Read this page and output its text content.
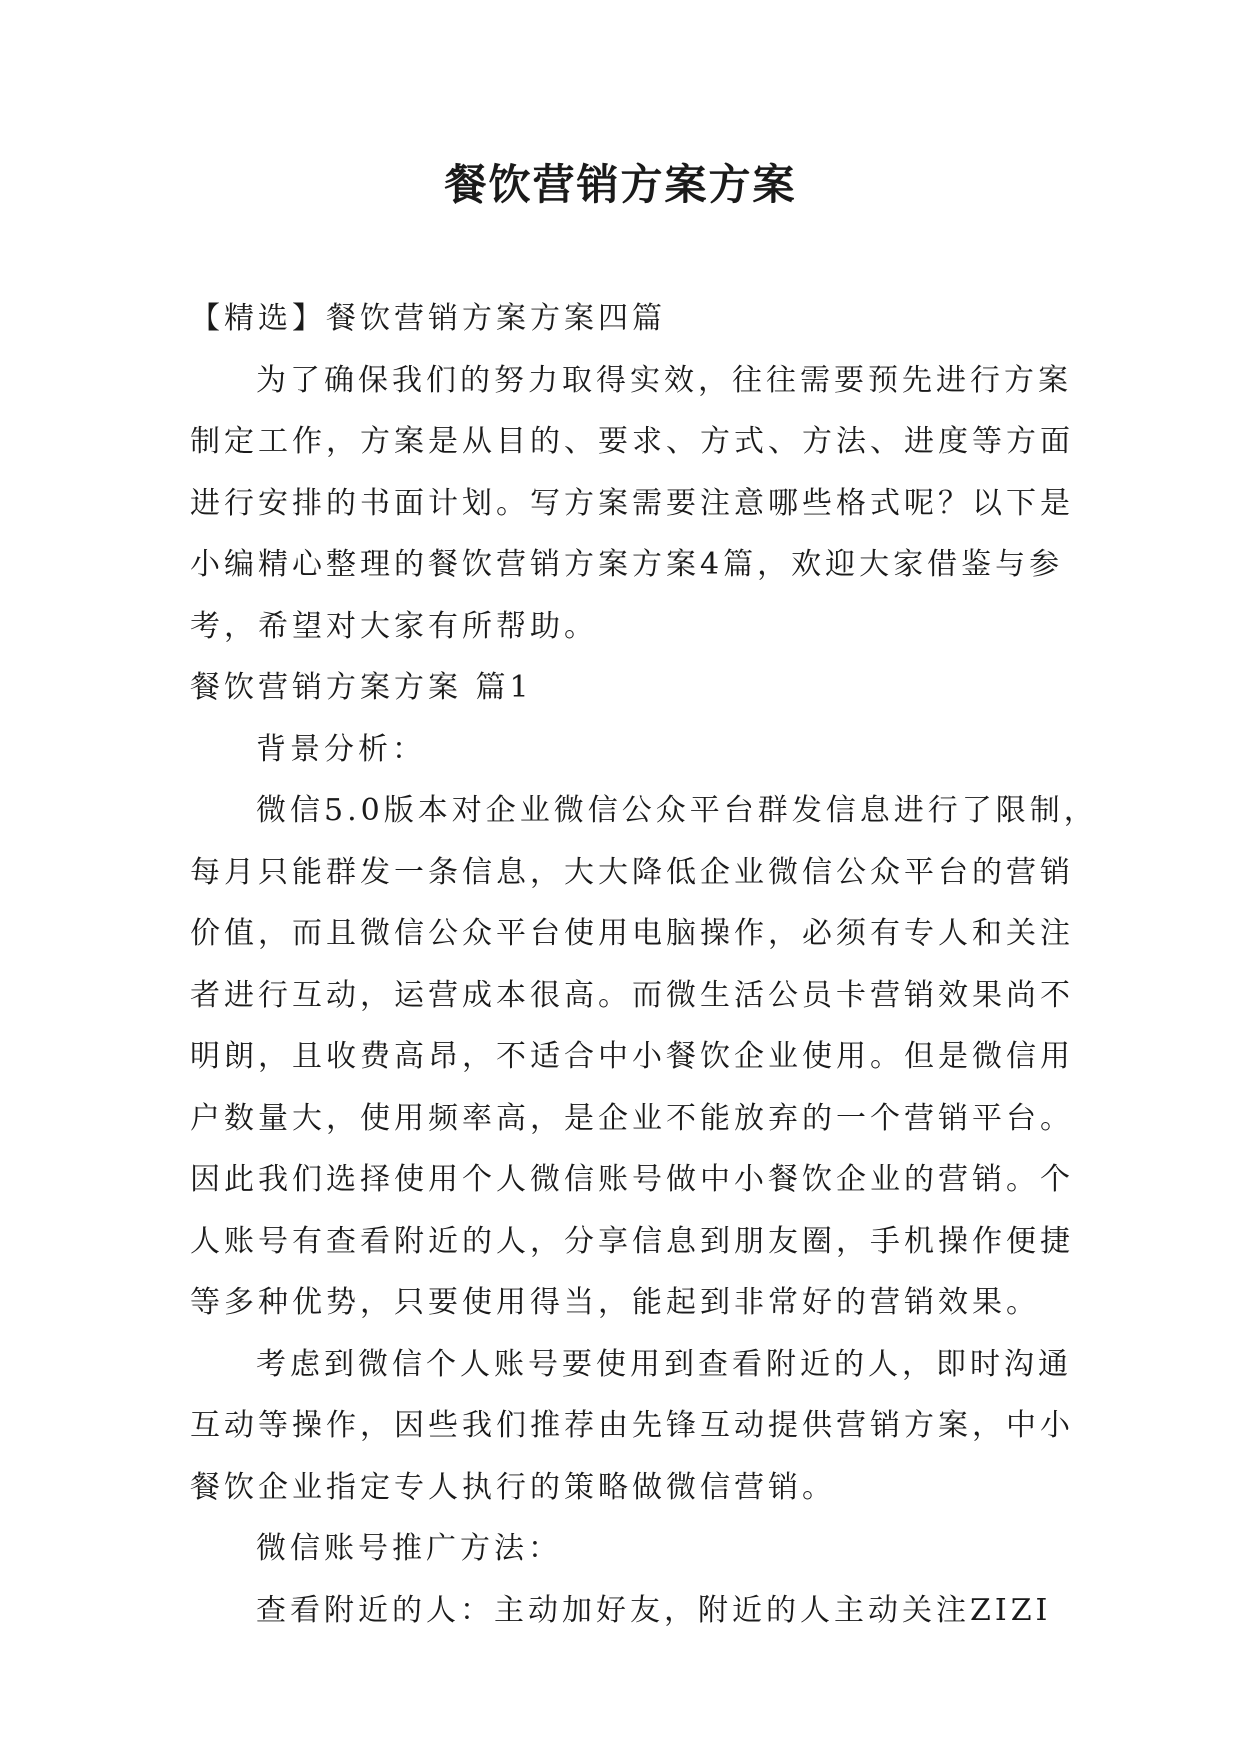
餐饮营销方案方案

【精选】餐饮营销方案方案四篇

为了确保我们的努力取得实效，往往需要预先进行方案

制定工作，方案是从目的、要求、方式、方法、进度等方面

进行安排的书面计划。写方案需要注意哪些格式呢？以下是

小编精心整理的餐饮营销方案方案4篇，欢迎大家借鉴与参

考，希望对大家有所帮助。

餐饮营销方案方案 篇1

背景分析：

微信5.0版本对企业微信公众平台群发信息进行了限制，

每月只能群发一条信息，大大降低企业微信公众平台的营销

价值，而且微信公众平台使用电脑操作，必须有专人和关注

者进行互动，运营成本很高。而微生活公员卡营销效果尚不

明朗，且收费高昂，不适合中小餐饮企业使用。但是微信用

户数量大，使用频率高，是企业不能放弃的一个营销平台。

因此我们选择使用个人微信账号做中小餐饮企业的营销。个

人账号有查看附近的人，分享信息到朋友圈，手机操作便捷

等多种优势，只要使用得当，能起到非常好的营销效果。

考虑到微信个人账号要使用到查看附近的人，即时沟通

互动等操作，因些我们推荐由先锋互动提供营销方案，中小

餐饮企业指定专人执行的策略做微信营销。

微信账号推广方法：

查看附近的人：主动加好友，附近的人主动关注ZIZI
